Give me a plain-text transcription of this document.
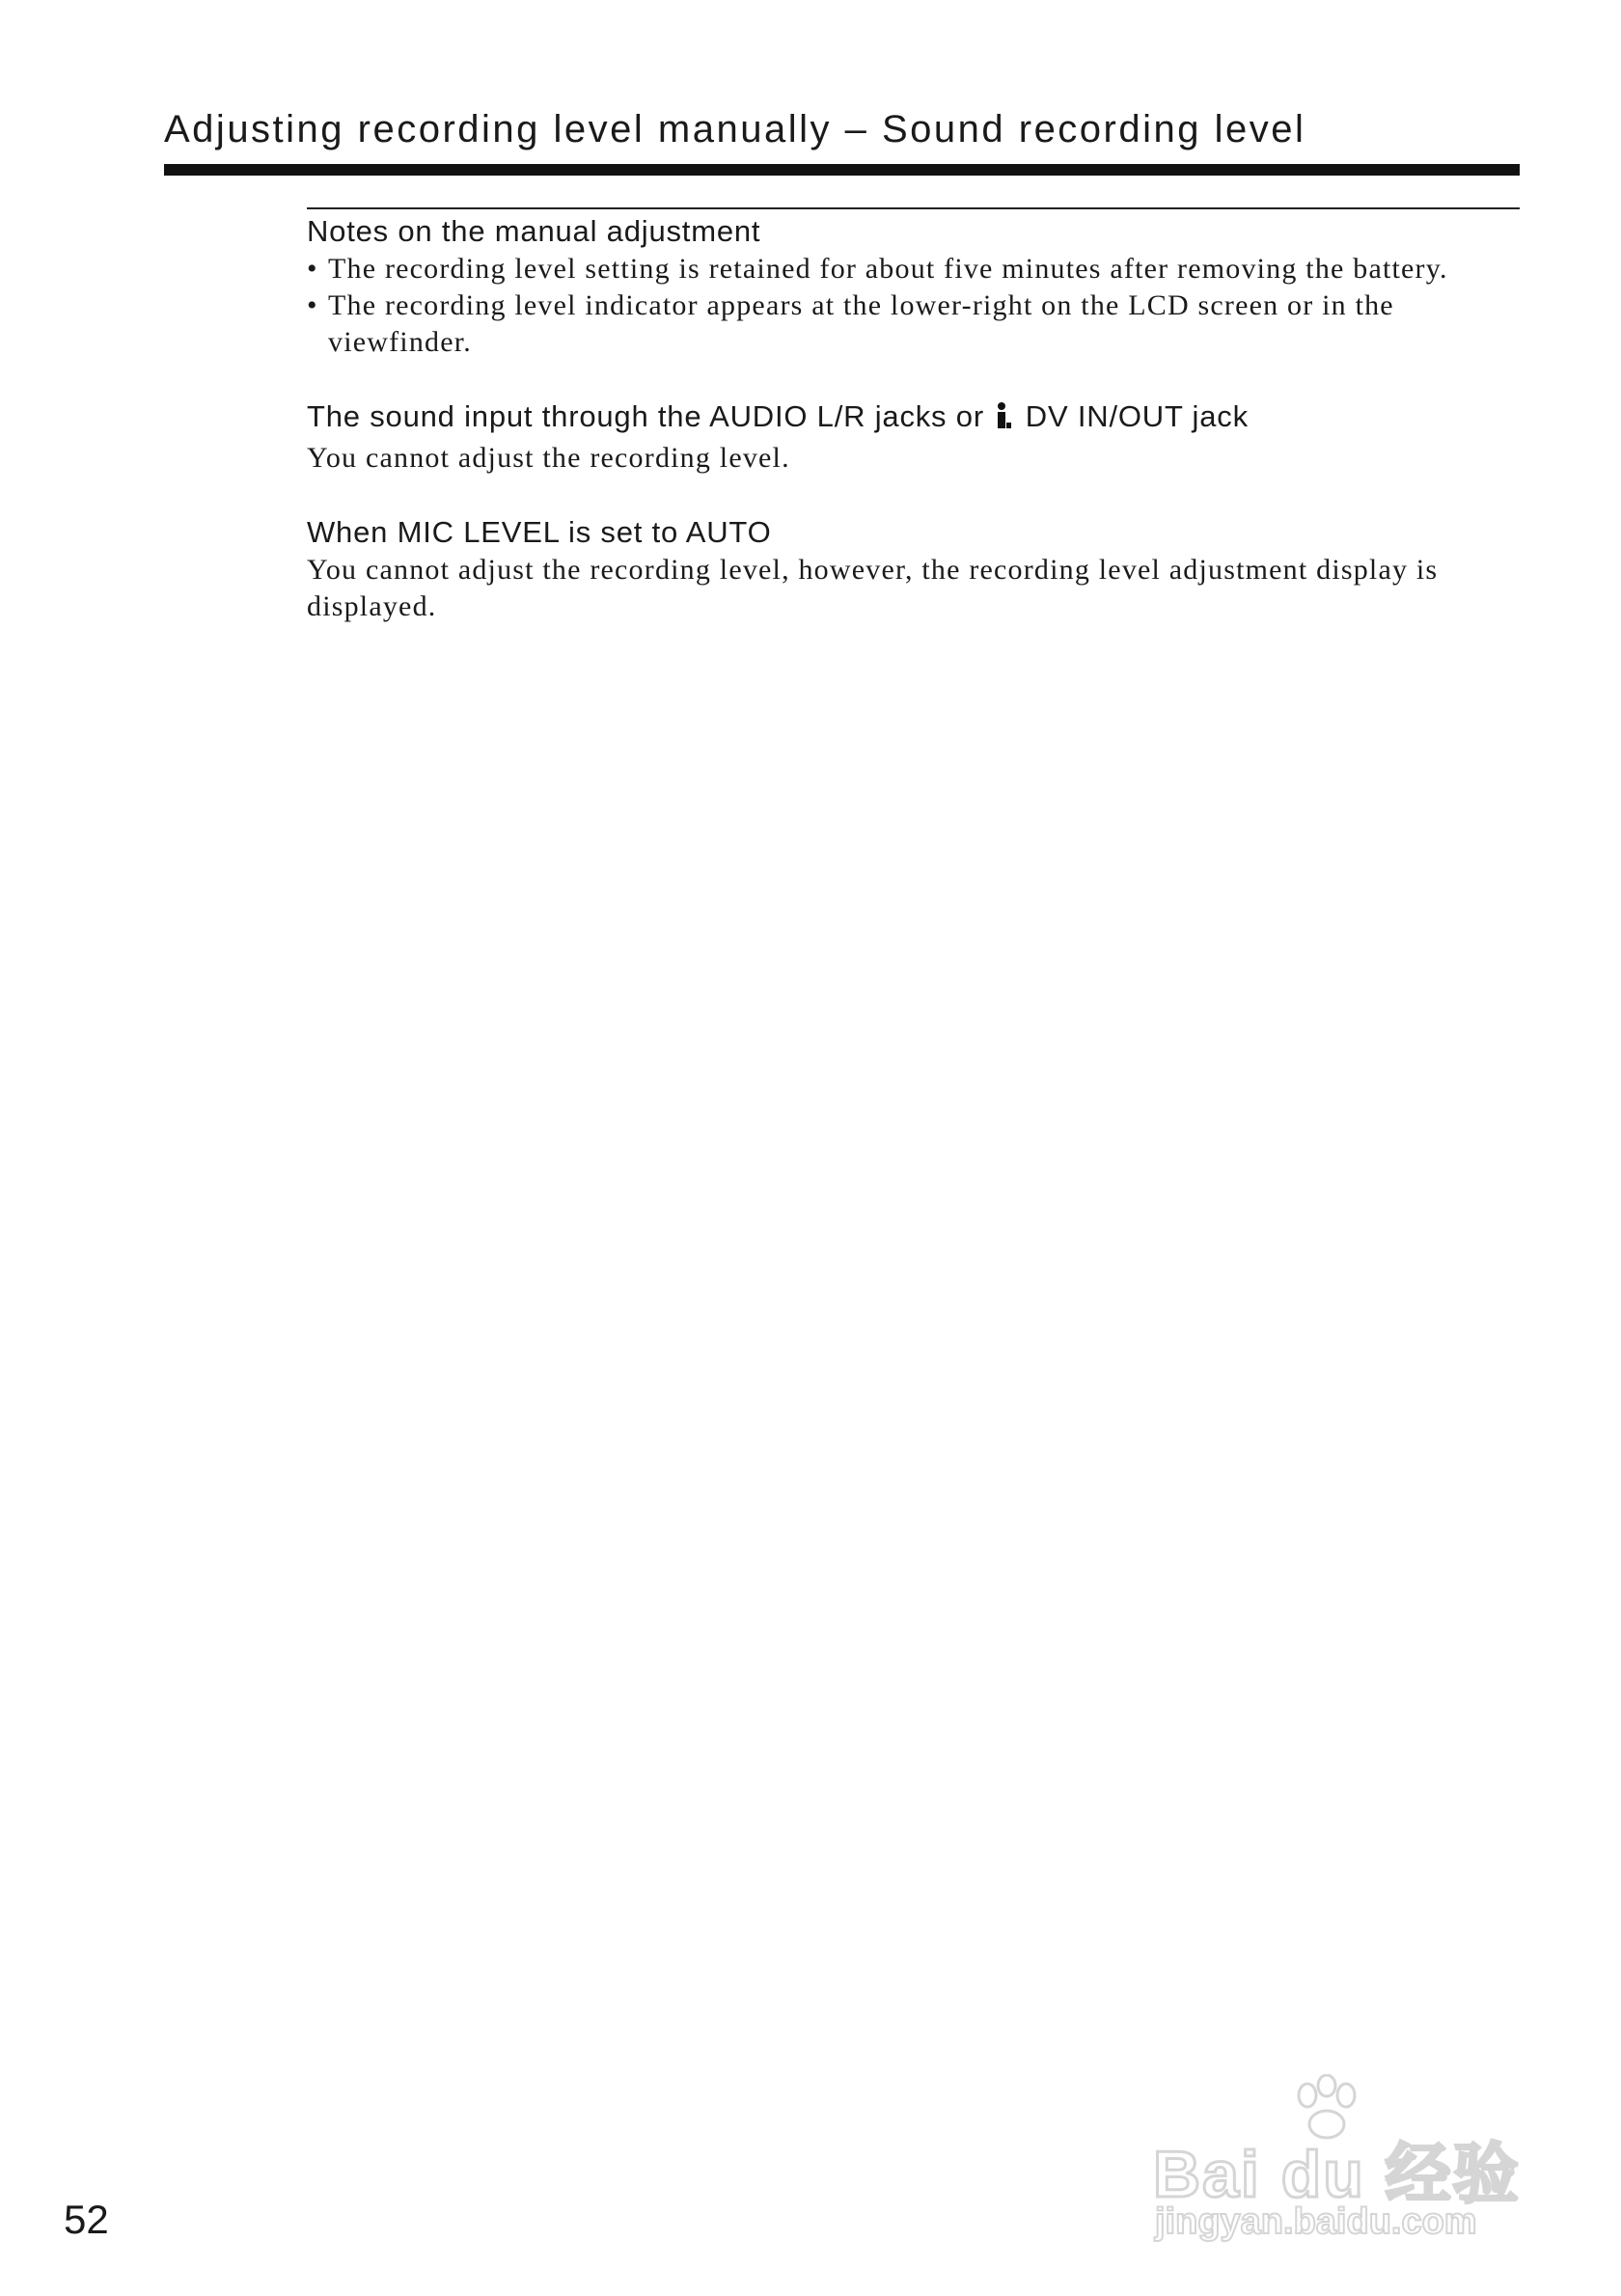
Adjusting recording level manually – Sound recording level
Notes on the manual adjustment
• The recording level setting is retained for about five minutes after removing the battery.
• The recording level indicator appears at the lower-right on the LCD screen or in the viewfinder.
The sound input through the AUDIO L/R jacks or DV IN/OUT jack

You cannot adjust the recording level.

When MIC LEVEL is set to AUTO

You cannot adjust the recording level, however, the recording level adjustment display is displayed.

Bai du 经验
jingyan.baidu.com
52
